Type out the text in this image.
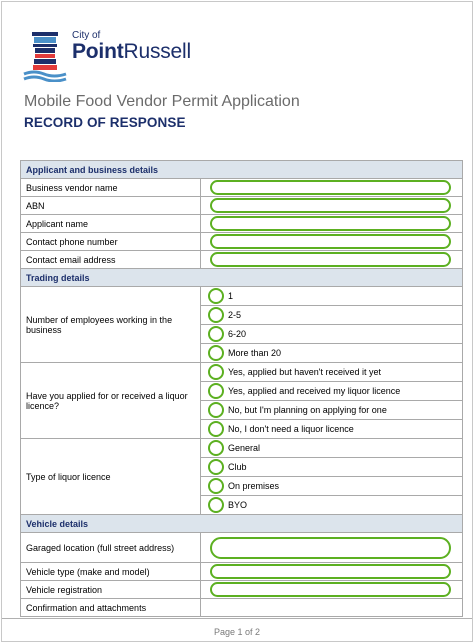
City of
PointRussell
Mobile Food Vendor Permit Application
RECORD OF RESPONSE
Applicant and business details	
Business vendor name	

ABN	

Applicant name	

Contact phone number	

Contact email address	

Trading details	
Number of employees working in the business	1

	2-5

	6-20

	More than 20

Have you applied for or received a liquor licence?	Yes, applied but haven't received it yet

	Yes, applied and received my liquor licence

	No, but I'm planning on applying for one

	No, I don't need a liquor licence

Type of liquor licence	General

	Club

	On premises

	BYO

Vehicle details	
Garaged location (full street address)	

Vehicle type (make and model)	

Vehicle registration	

Confirmation and attachments	
Page 1 of 2
